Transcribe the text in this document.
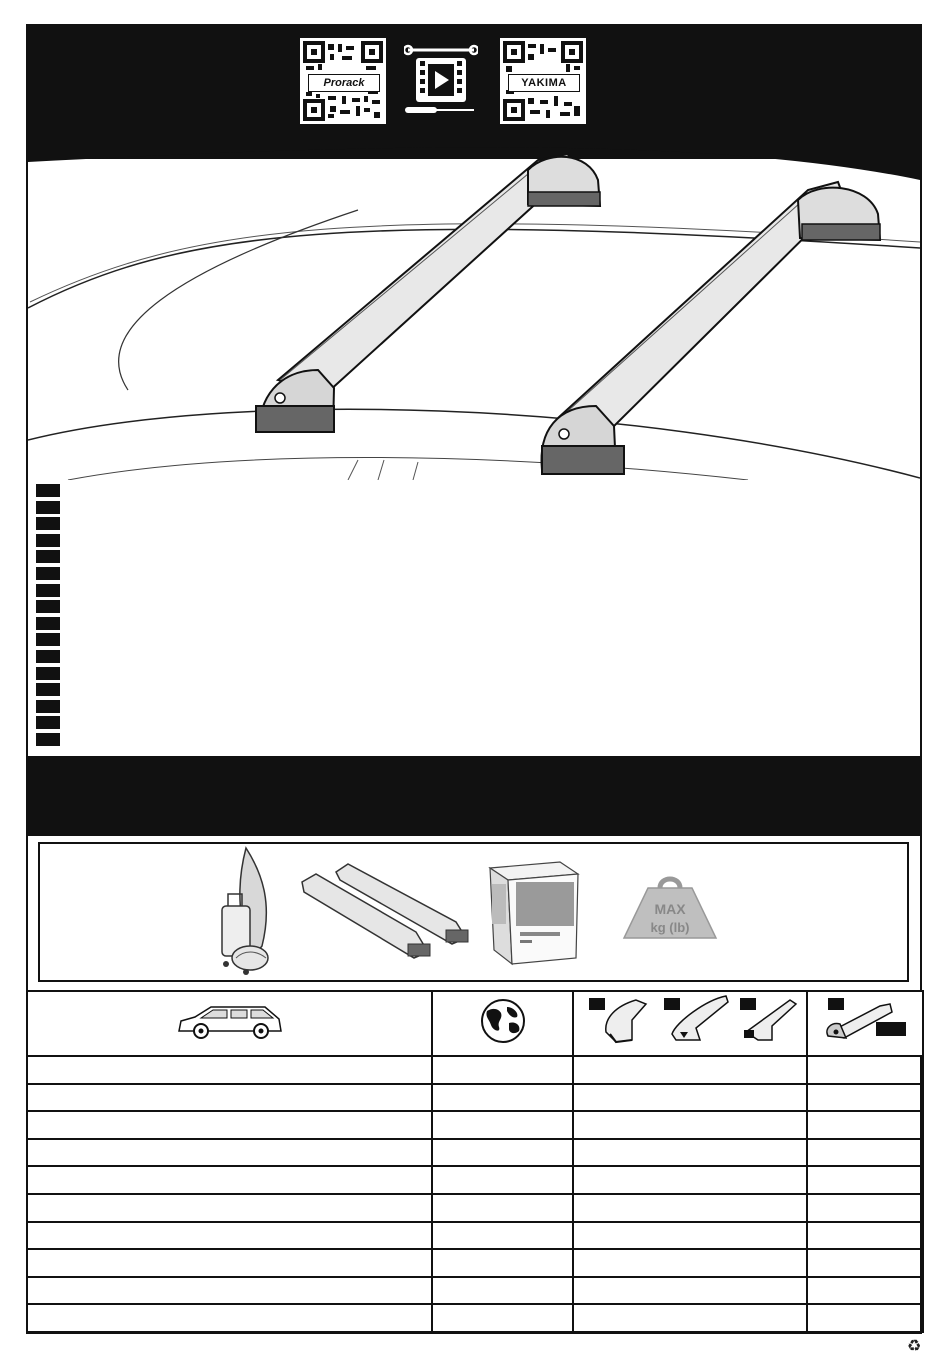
Prorack	YAKIMA
MAX
kg (lb)

♻
